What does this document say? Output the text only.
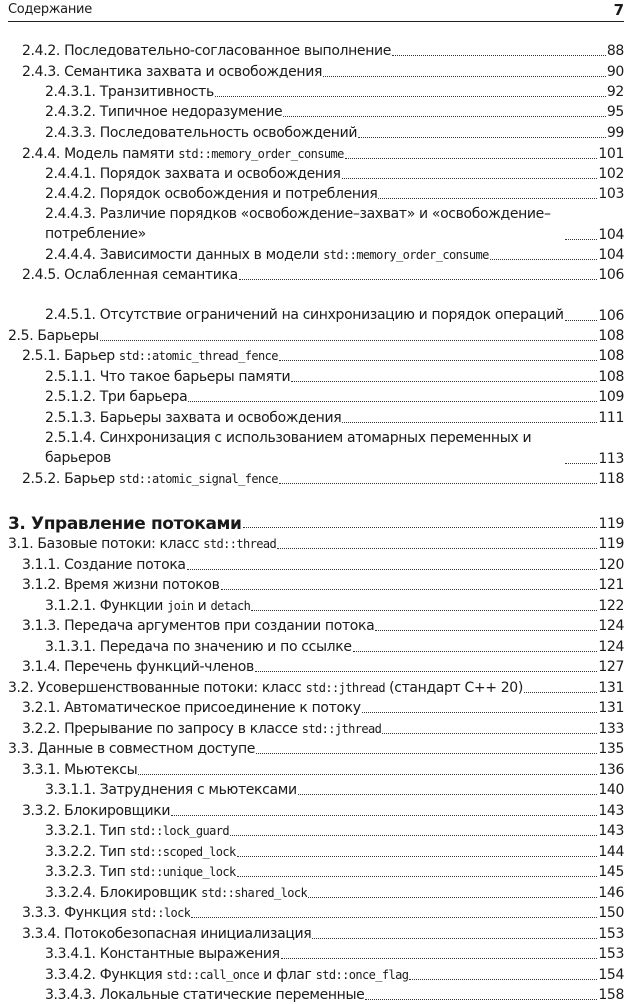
Содержание	7
2.4.2. Последовательно-согласованное выполнение	88
2.4.3. Семантика захвата и освобождения	90
2.4.3.1. Транзитивность	92
2.4.3.2. Типичное недоразумение	95
2.4.3.3. Последовательность освобождений	99
2.4.4. Модель памяти std::memory_order_consume	101
2.4.4.1. Порядок захвата и освобождения	102
2.4.4.2. Порядок освобождения и потребления	103
2.4.4.3. Различие порядков «освобождение–захват» и «освобождение–потребление»	104
2.4.4.4. Зависимости данных в модели std::memory_order_consume	104
2.4.5. Ослабленная семантика	106
2.4.5.1. Отсутствие ограничений на синхронизацию и порядок операций 106
2.5. Барьеры	108
2.5.1. Барьер std::atomic_thread_fence	108
2.5.1.1. Что такое барьеры памяти	108
2.5.1.2. Три барьера	109
2.5.1.3. Барьеры захвата и освобождения	111
2.5.1.4. Синхронизация с использованием атомарных переменных и барьеров	113
2.5.2. Барьер std::atomic_signal_fence	118
3. Управление потоками	119
3.1. Базовые потоки: класс std::thread	119
3.1.1. Создание потока	120
3.1.2. Время жизни потоков	121
3.1.2.1. Функции join и detach	122
3.1.3. Передача аргументов при создании потока	124
3.1.3.1. Передача по значению и по ссылке	124
3.1.4. Перечень функций-членов	127
3.2. Усовершенствованные потоки: класс std::jthread (стандарт C++ 20)	131
3.2.1. Автоматическое присоединение к потоку	131
3.2.2. Прерывание по запросу в классе std::jthread	133
3.3. Данные в совместном доступе	135
3.3.1. Мьютексы	136
3.3.1.1. Затруднения с мьютексами	140
3.3.2. Блокировщики	143
3.3.2.1. Тип std::lock_guard	143
3.3.2.2. Тип std::scoped_lock	144
3.3.2.3. Тип std::unique_lock	145
3.3.2.4. Блокировщик std::shared_lock	146
3.3.3. Функция std::lock	150
3.3.4. Потокобезопасная инициализация	153
3.3.4.1. Константные выражения	153
3.3.4.2. Функция std::call_once и флаг std::once_flag	154
3.3.4.3. Локальные статические переменные	158
